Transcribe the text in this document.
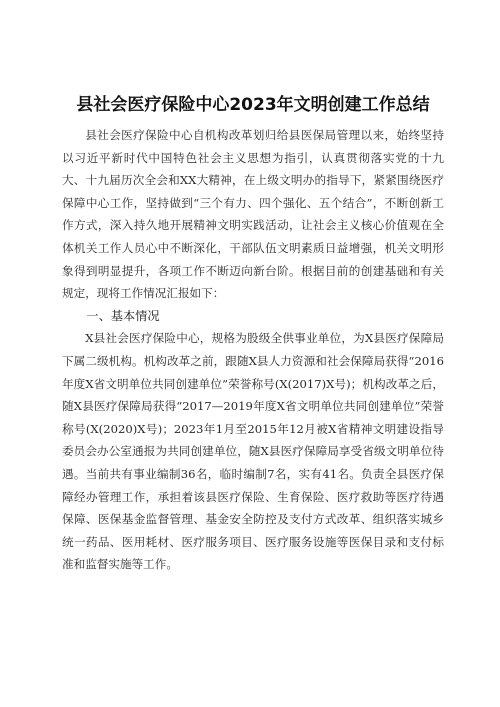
县社会医疗保险中心2023年文明创建工作总结

县社会医疗保险中心自机构改革划归给县医保局管理以来，始终坚持以习近平新时代中国特色社会主义思想为指引，认真贯彻落实党的十九大、十九届历次全会和XX大精神，在上级文明办的指导下，紧紧围绕医疗保障中心工作，坚持做到“三个有力、四个强化、五个结合”，不断创新工作方式，深入持久地开展精神文明实践活动，让社会主义核心价值观在全体机关工作人员心中不断深化，干部队伍文明素质日益增强，机关文明形象得到明显提升，各项工作不断迈向新台阶。根据目前的创建基础和有关规定，现将工作情况汇报如下：

一、基本情况

X县社会医疗保险中心，规格为股级全供事业单位，为X县医疗保障局下属二级机构。机构改革之前，跟随X县人力资源和社会保障局获得“2016年度X省文明单位共同创建单位”荣誉称号(X(2017)X号)；机构改革之后，随X县医疗保障局获得“2017—2019年度X省文明单位共同创建单位”荣誉称号(X(2020)X号)；2023年1月至2015年12月被X省精神文明建设指导委员会办公室通报为共同创建单位，随X县医疗保障局享受省级文明单位待遇。当前共有事业编制36名，临时编制7名，实有41名。负责全县医疗保障经办管理工作，承担着该县医疗保险、生育保险、医疗救助等医疗待遇保障、医保基金监督管理、基金安全防控及支付方式改革、组织落实城乡统一药品、医用耗材、医疗服务项目、医疗服务设施等医保目录和支付标准和监督实施等工作。
